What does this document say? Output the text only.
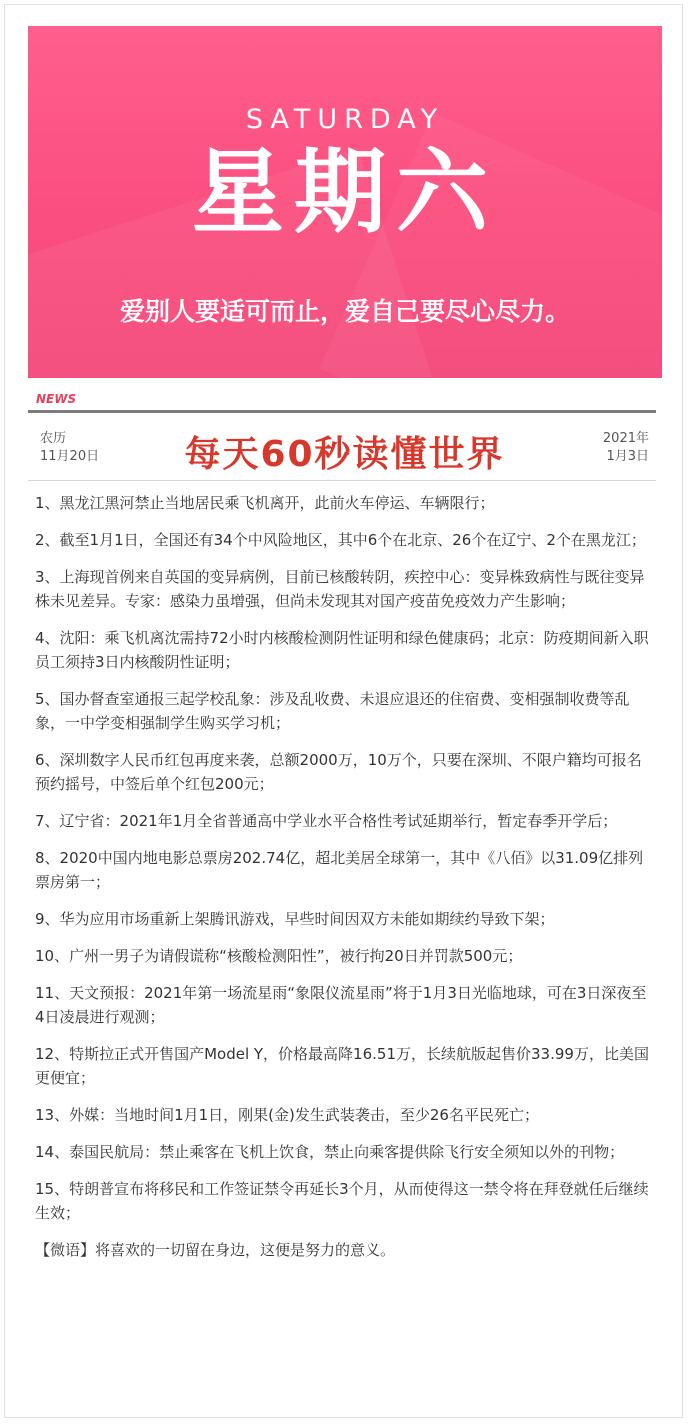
SATURDAY
星期六
爱别人要适可而止，爱自己要尽心尽力。
NEWS
农历
11月20日	每天60秒读懂世界	2021年
1月3日
1、黑龙江黑河禁止当地居民乘飞机离开，此前火车停运、车辆限行；
2、截至1月1日，全国还有34个中风险地区，其中6个在北京、26个在辽宁、2个在黑龙江；
3、上海现首例来自英国的变异病例，目前已核酸转阴，疾控中心：变异株致病性与既往变异株未见差异。专家：感染力虽增强，但尚未发现其对国产疫苗免疫效力产生影响；
4、沈阳：乘飞机离沈需持72小时内核酸检测阴性证明和绿色健康码；北京：防疫期间新入职员工须持3日内核酸阴性证明；
5、国办督查室通报三起学校乱象：涉及乱收费、未退应退还的住宿费、变相强制收费等乱象，一中学变相强制学生购买学习机；
6、深圳数字人民币红包再度来袭，总额2000万，10万个，只要在深圳、不限户籍均可报名预约摇号，中签后单个红包200元；
7、辽宁省：2021年1月全省普通高中学业水平合格性考试延期举行，暂定春季开学后；
8、2020中国内地电影总票房202.74亿，超北美居全球第一，其中《八佰》以31.09亿排列票房第一；
9、华为应用市场重新上架腾讯游戏，早些时间因双方未能如期续约导致下架；
10、广州一男子为请假谎称“核酸检测阳性”，被行拘20日并罚款500元；
11、天文预报：2021年第一场流星雨“象限仪流星雨”将于1月3日光临地球，可在3日深夜至4日凌晨进行观测；
12、特斯拉正式开售国产Model Y，价格最高降16.51万，长续航版起售价33.99万，比美国更便宜；
13、外媒：当地时间1月1日，刚果(金)发生武装袭击，至少26名平民死亡；
14、泰国民航局：禁止乘客在飞机上饮食，禁止向乘客提供除飞行安全须知以外的刊物；
15、特朗普宣布将移民和工作签证禁令再延长3个月，从而使得这一禁令将在拜登就任后继续生效；
【微语】将喜欢的一切留在身边，这便是努力的意义。
